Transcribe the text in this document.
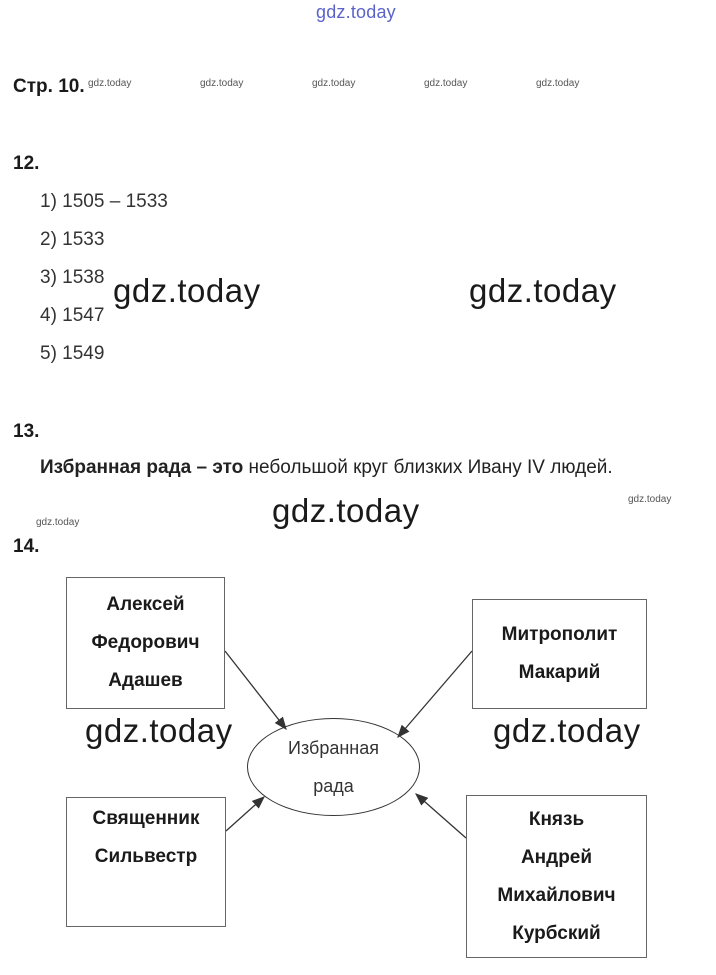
gdz.today
Стр. 10. gdz.today	gdz.today	gdz.today	gdz.today	gdz.today
12.
1) 1505 – 1533
2) 1533
3) 1538
4) 1547
5) 1549
gdz.today	gdz.today
13.
Избранная рада – это небольшой круг близких Ивану IV людей.
gdz.today
gdz.today	gdz.today
14.
Алексей
Федорович
Адашев
Митрополит
Макарий
Священник
Сильвестр
Князь
Андрей
Михайлович
Курбский
Избранная
рада
gdz.today	gdz.today
